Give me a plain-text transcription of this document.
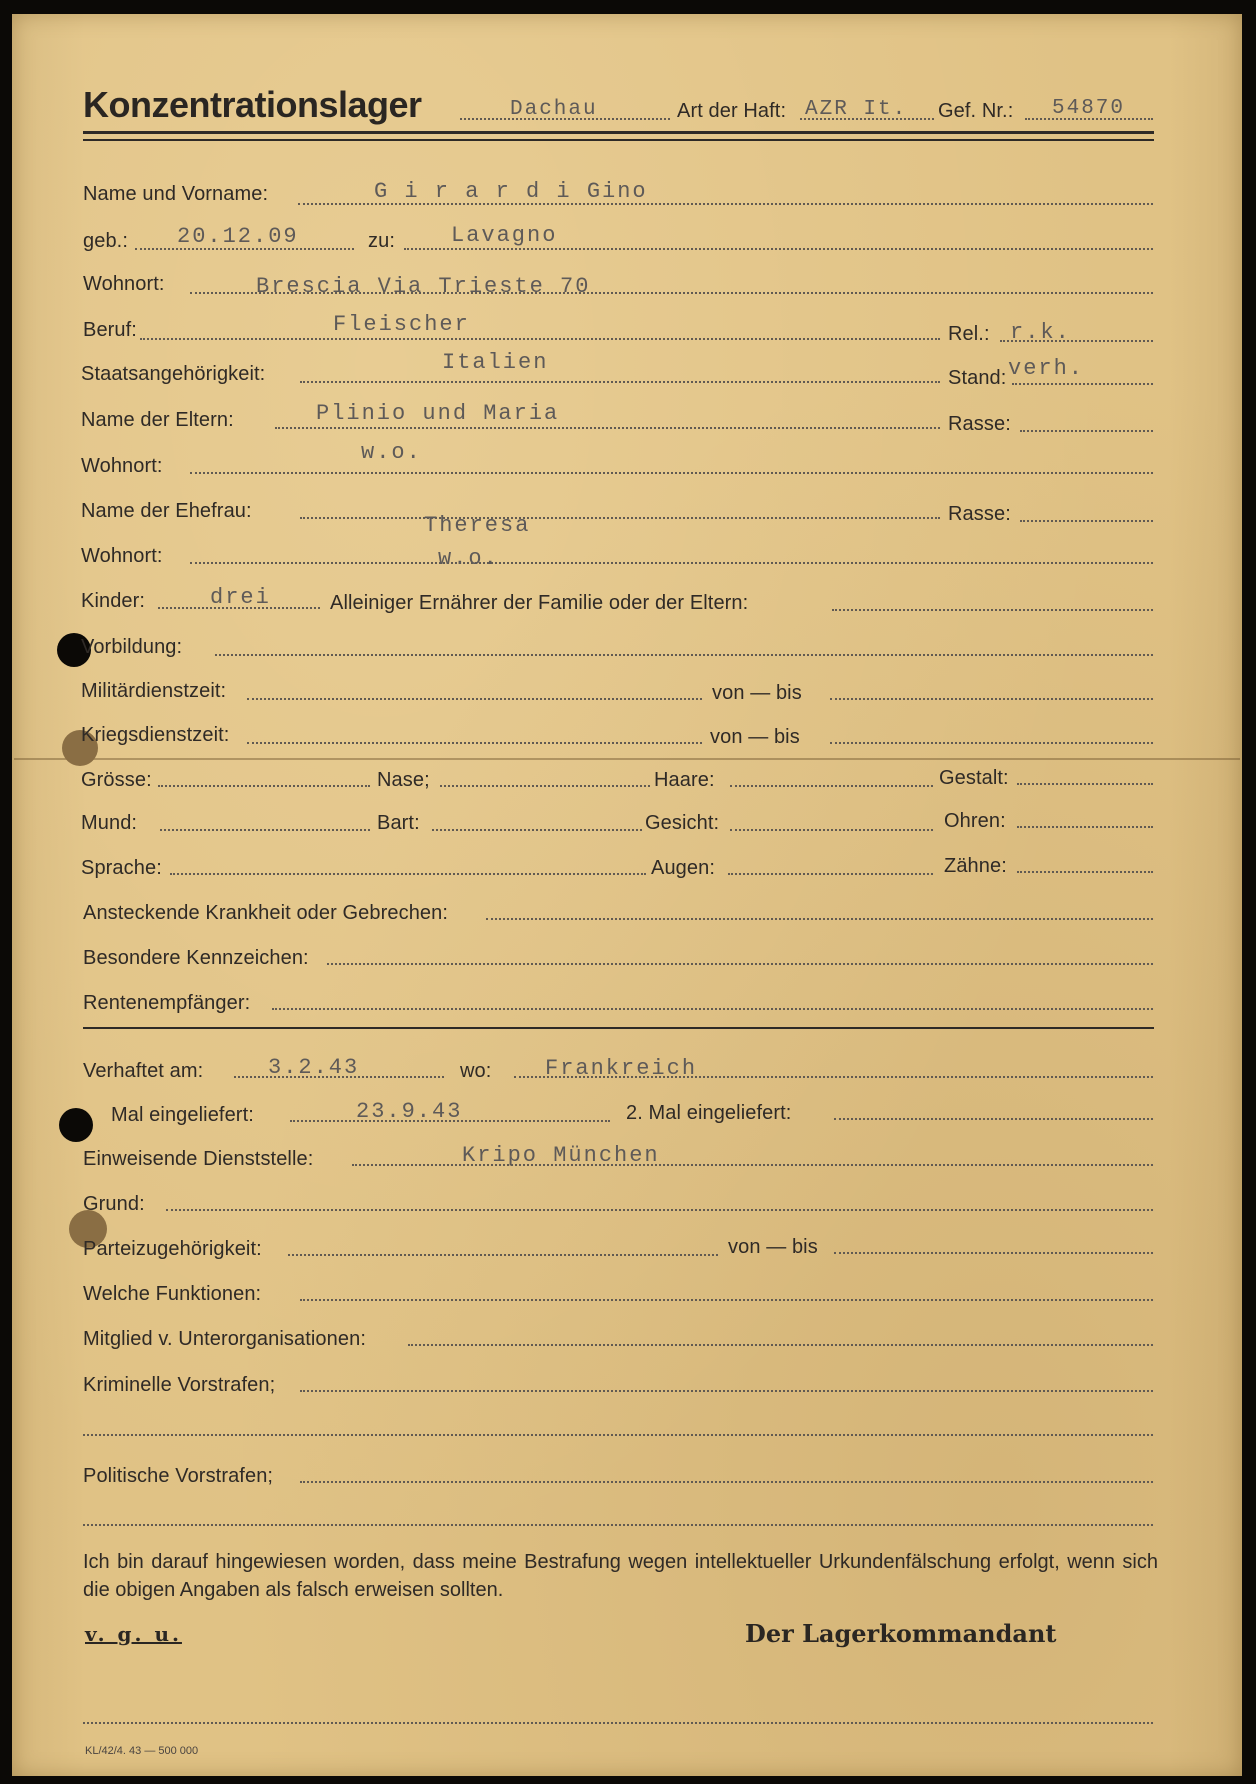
Konzentrationslager	Dachau	Art der Haft: AZR It. Gef. Nr.: 54870
Name und Vorname:	G i r a r d i Gino
geb.: 20.12.09	zu:	Lavagno
Wohnort:	Brescia Via Trieste 70
Beruf:	Fleischer	Rel.: r.k.
Staatsangehörigkeit:	Italien
Stand: verh.
Name der Eltern:	Plinio und Maria	Rasse:
Wohnort:
w.o.
Name der Ehefrau:
Theresa	Rasse:
Wohnort:	w.o.
Kinder:	drei	Alleiniger Ernährer der Familie oder der Eltern:
Vorbildung:
Militärdienstzeit:	von — bis
Kriegsdienstzeit:	von — bis
Grösse:	Nase;	Haare:	Gestalt:
Mund:	Bart:	Gesicht:	Ohren:
Sprache:	Augen:	Zähne:
Ansteckende Krankheit oder Gebrechen:
Besondere Kennzeichen:
Rentenempfänger:
Verhaftet am:	3.2.43	wo: Frankreich
Mal eingeliefert:	23.9.43	2. Mal eingeliefert:
Einweisende Dienststelle:	Kripo München
Grund:
Parteizugehörigkeit:	von — bis
Welche Funktionen:
Mitglied v. Unterorganisationen:
Kriminelle Vorstrafen;
Politische Vorstrafen;
Ich bin darauf hingewiesen worden, dass meine Bestrafung wegen intellektueller Urkundenfälschung erfolgt, wenn sich die obigen Angaben als falsch erweisen sollten.
v. g. u.	Der Lagerkommandant
KL/42/4. 43 — 500 000
